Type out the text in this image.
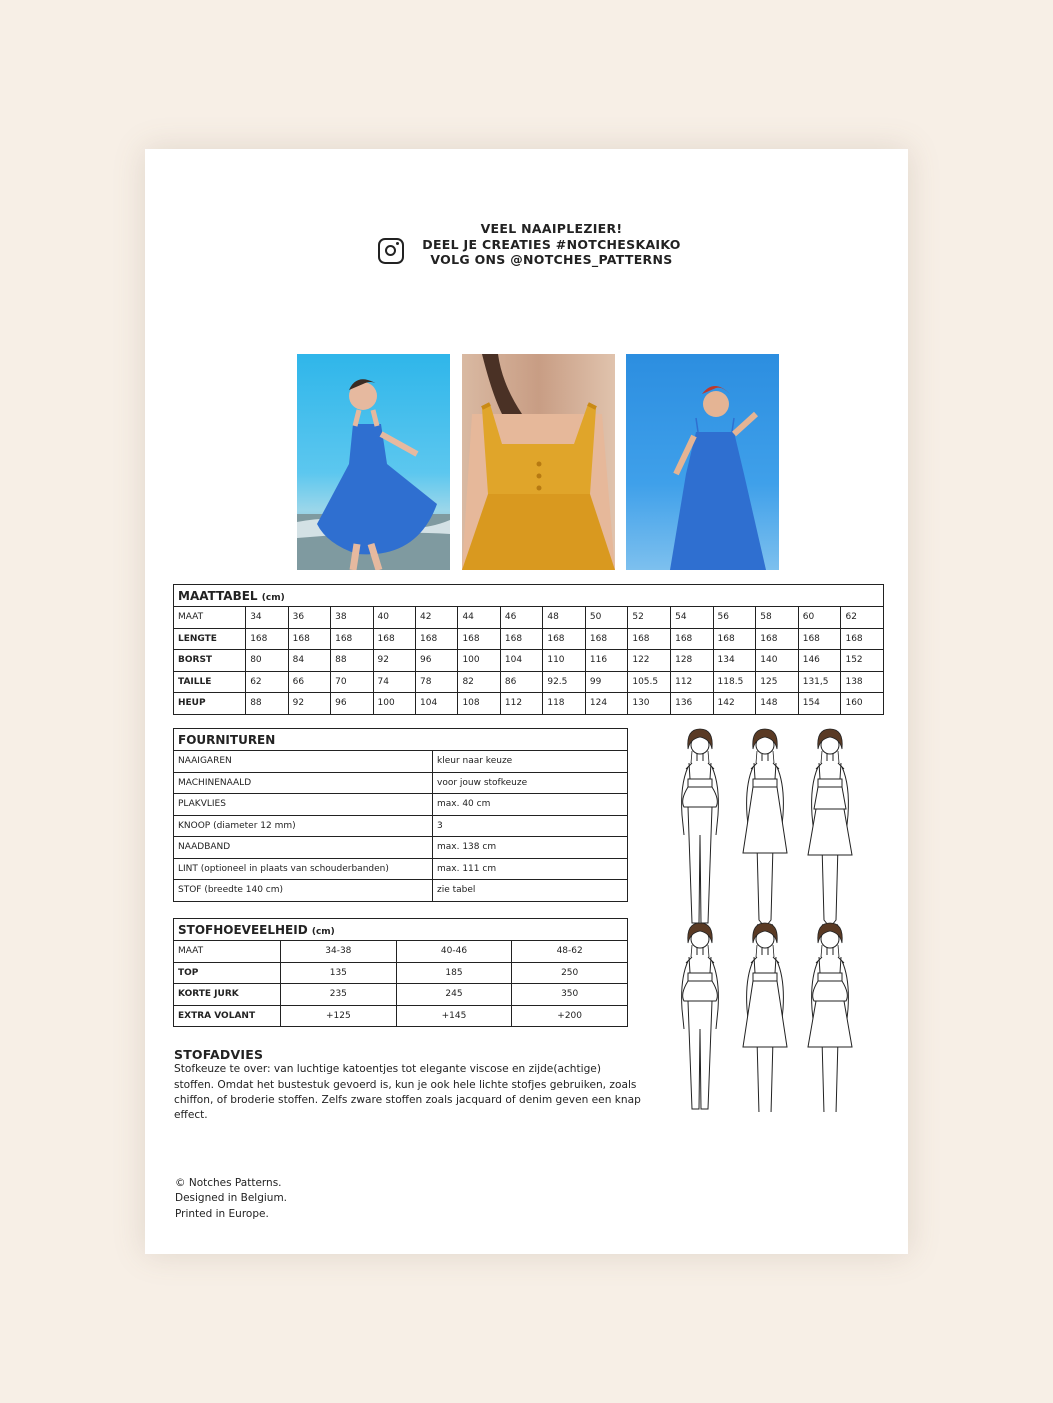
VEEL NAAIPLEZIER!
DEEL JE CREATIES #NOTCHESKAIKO
VOLG ONS @NOTCHES_PATTERNS
MAATTABEL (cm)															
MAAT	34	36	38	40	42	44	46	48	50	52	54	56	58	60	62
LENGTE	168	168	168	168	168	168	168	168	168	168	168	168	168	168	168
BORST	80	84	88	92	96	100	104	110	116	122	128	134	140	146	152
TAILLE	62	66	70	74	78	82	86	92.5	99	105.5	112	118.5	125	131,5	138
HEUP	88	92	96	100	104	108	112	118	124	130	136	142	148	154	160
FOURNITUREN	
NAAIGAREN	kleur naar keuze
MACHINENAALD	voor jouw stofkeuze
PLAKVLIES	max. 40 cm
KNOOP (diameter 12 mm)	3
NAADBAND	max. 138 cm
LINT (optioneel in plaats van schouderbanden)	max. 111 cm
STOF (breedte 140 cm)	zie tabel
STOFHOEVEELHEID (cm)			
MAAT	34-38	40-46	48-62
TOP	135	185	250
KORTE JURK	235	245	350
EXTRA VOLANT	+125	+145	+200
STOFADVIES

Stofkeuze te over: van luchtige katoentjes tot elegante viscose en zijde(achtige) stoffen. Omdat het bustestuk gevoerd is, kun je ook hele lichte stofjes gebruiken, zoals chiffon, of broderie stoffen. Zelfs zware stoffen zoals jacquard of denim geven een knap effect.

© Notches Patterns.
Designed in Belgium.
Printed in Europe.
